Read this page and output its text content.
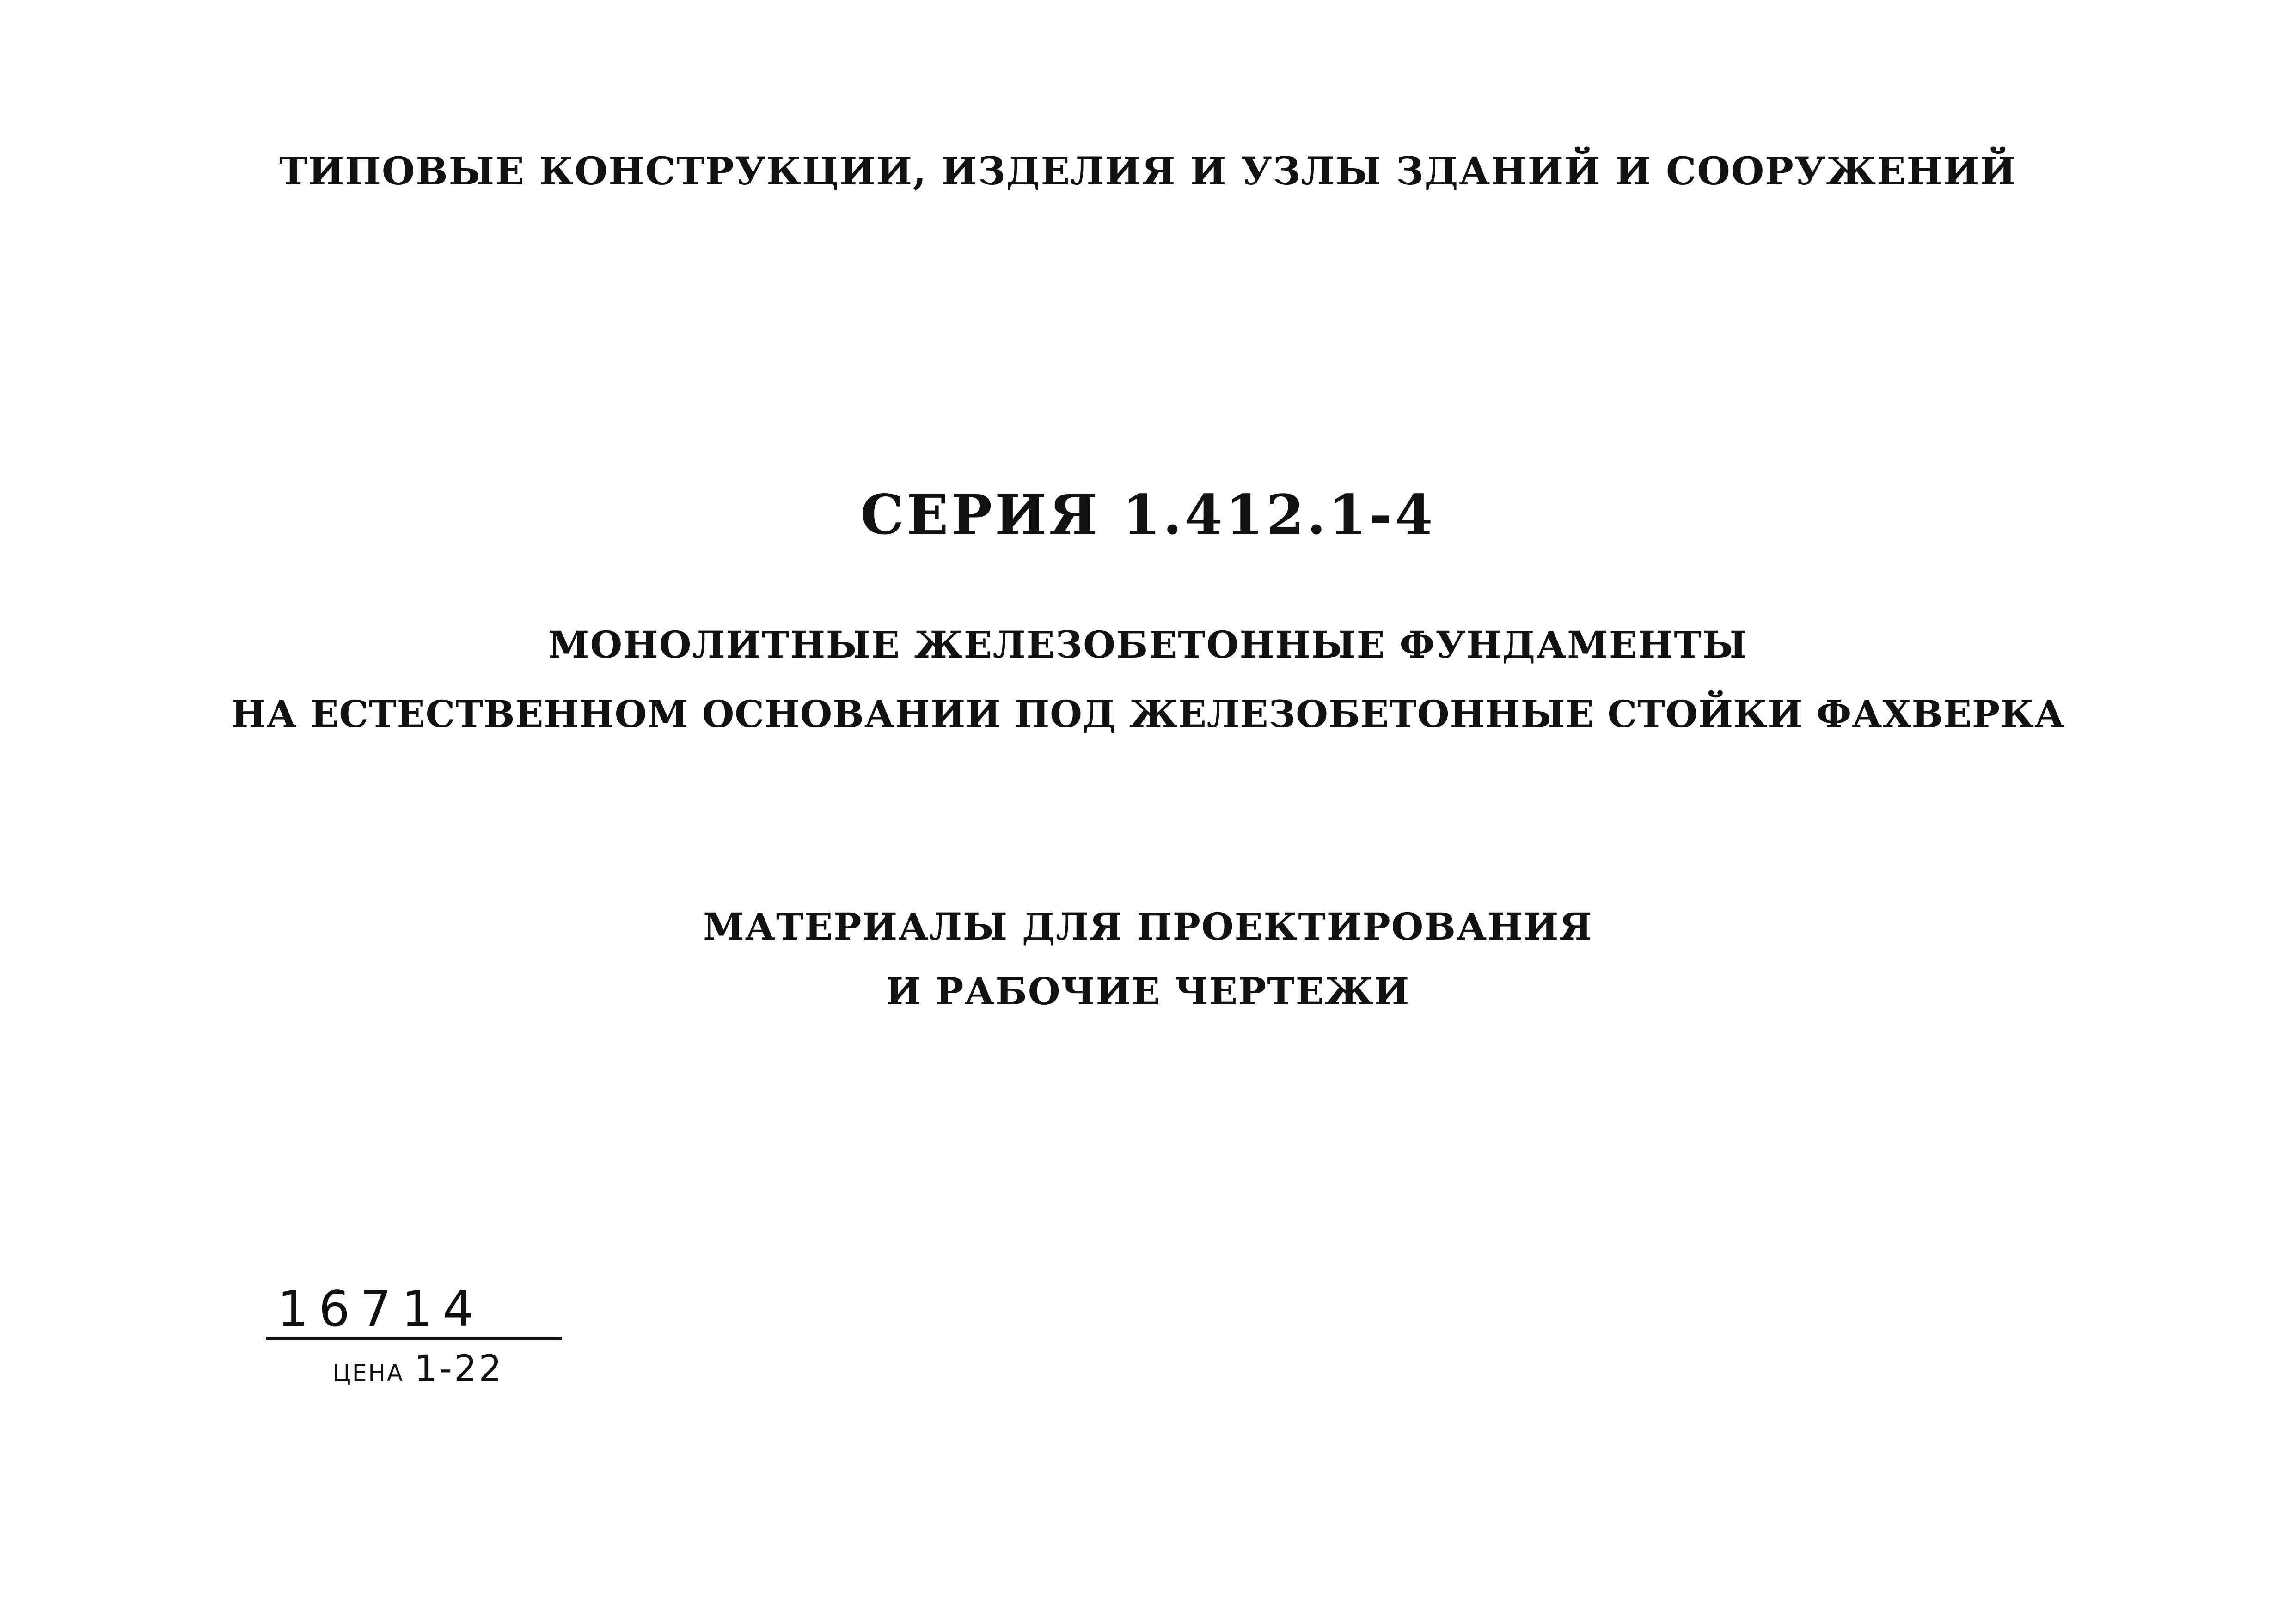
ТИПОВЫЕ КОНСТРУКЦИИ, ИЗДЕЛИЯ И УЗЛЫ ЗДАНИЙ И СООРУЖЕНИЙ
СЕРИЯ 1.412.1-4
МОНОЛИТНЫЕ ЖЕЛЕЗОБЕТОННЫЕ ФУНДАМЕНТЫ
НА ЕСТЕСТВЕННОМ ОСНОВАНИИ ПОД ЖЕЛЕЗОБЕТОННЫЕ СТОЙКИ ФАХВЕРКА
МАТЕРИАЛЫ ДЛЯ ПРОЕКТИРОВАНИЯ
И РАБОЧИЕ ЧЕРТЕЖИ
16714
ЦЕНА 1-22
